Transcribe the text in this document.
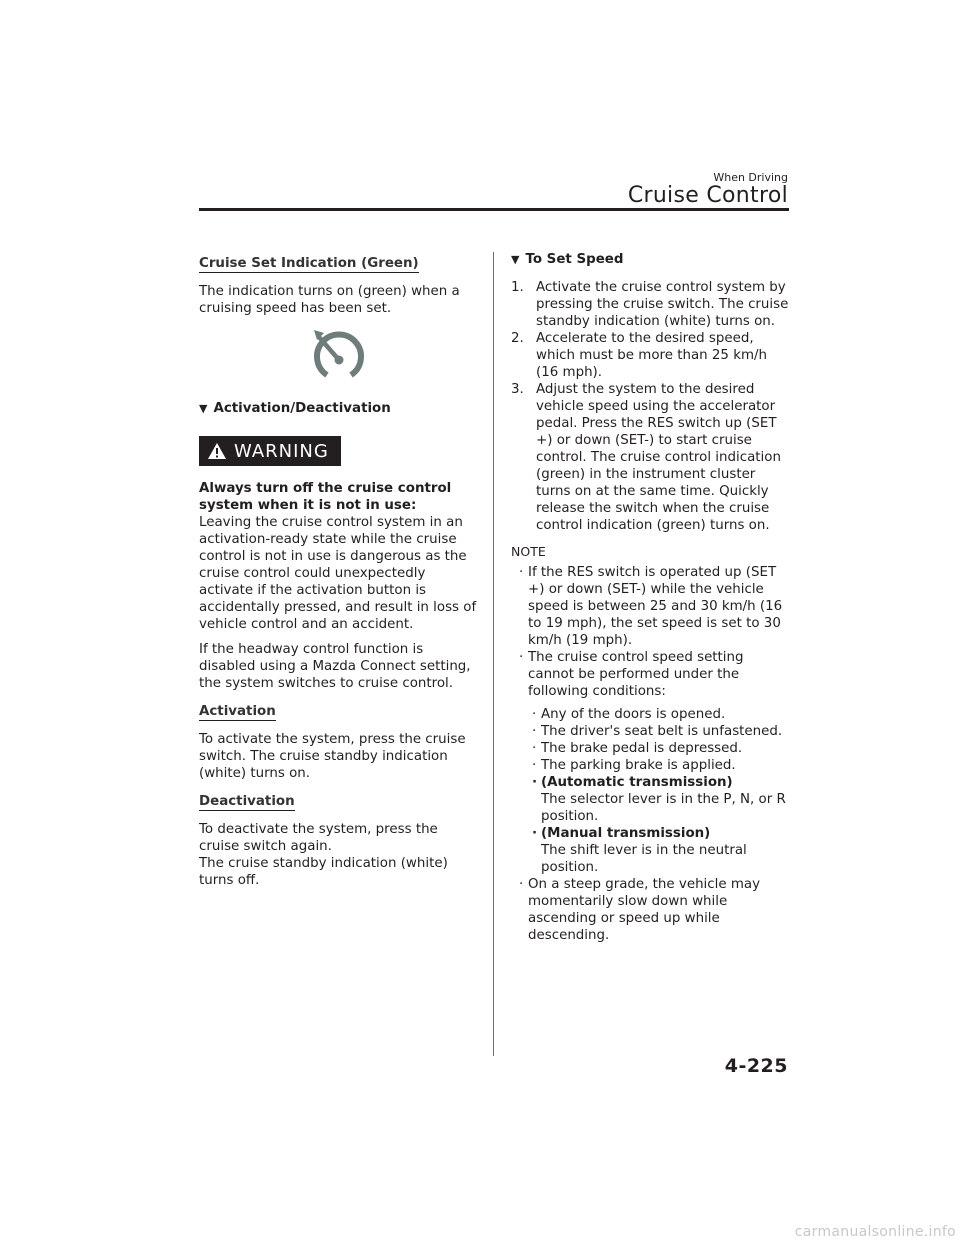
When Driving
Cruise Control
Cruise Set Indication (Green)
The indication turns on (green) when a cruising speed has been set.
▼ Activation/Deactivation
WARNING
Always turn off the cruise control system when it is not in use:
Leaving the cruise control system in an activation-ready state while the cruise control is not in use is dangerous as the cruise control could unexpectedly activate if the activation button is accidentally pressed, and result in loss of vehicle control and an accident.
If the headway control function is disabled using a Mazda Connect setting, the system switches to cruise control.
Activation
To activate the system, press the cruise switch. The cruise standby indication (white) turns on.
Deactivation
To deactivate the system, press the cruise switch again.
The cruise standby indication (white) turns off.
▼ To Set Speed
1. Activate the cruise control system by pressing the cruise switch. The cruise standby indication (white) turns on.
2. Accelerate to the desired speed, which must be more than 25 km/h (16 mph).
3. Adjust the system to the desired vehicle speed using the accelerator pedal. Press the RES switch up (SET +) or down (SET-) to start cruise control. The cruise control indication (green) in the instrument cluster turns on at the same time. Quickly release the switch when the cruise control indication (green) turns on.
NOTE
· If the RES switch is operated up (SET +) or down (SET-) while the vehicle speed is between 25 and 30 km/h (16 to 19 mph), the set speed is set to 30 km/h (19 mph).
· The cruise control speed setting cannot be performed under the following conditions:
· Any of the doors is opened.
· The driver's seat belt is unfastened.
· The brake pedal is depressed.
· The parking brake is applied.
· (Automatic transmission)
The selector lever is in the P, N, or R position.
· (Manual transmission)
The shift lever is in the neutral position.
· On a steep grade, the vehicle may momentarily slow down while ascending or speed up while descending.
4-225
carmanualsonline.info
